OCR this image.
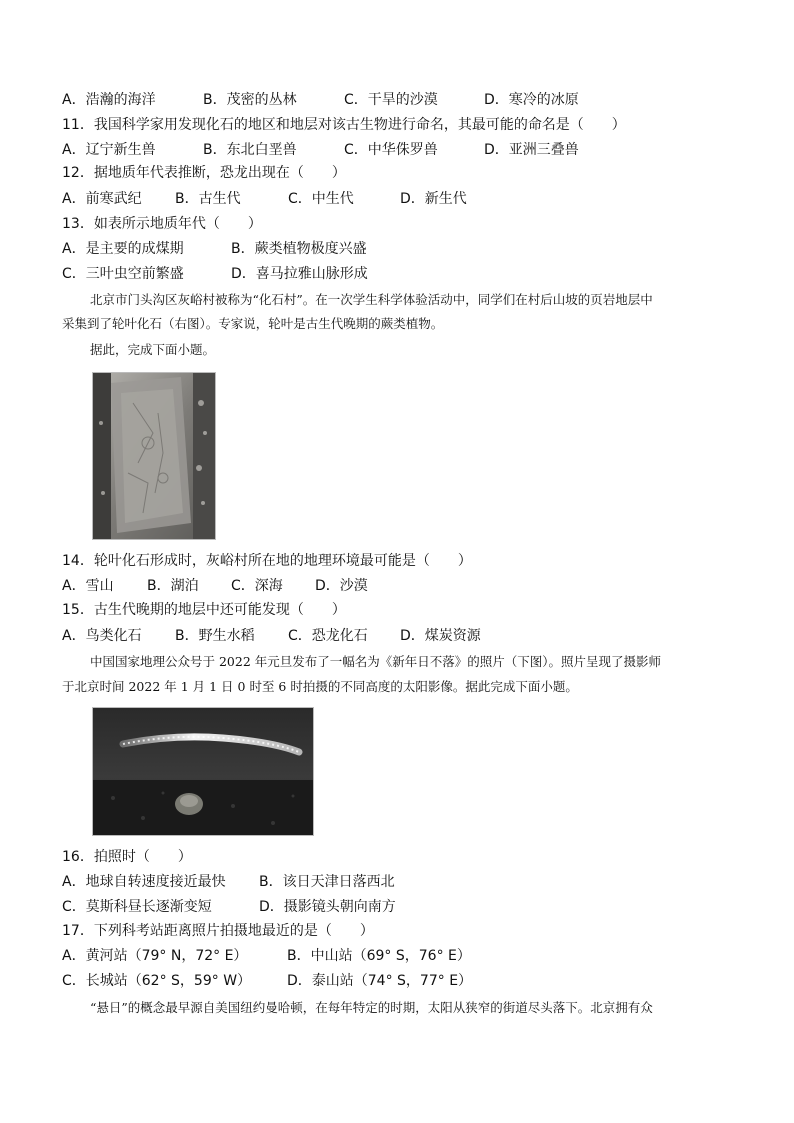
A．浩瀚的海洋	B．茂密的丛林	C．干旱的沙漠	D．寒冷的冰原
11．我国科学家用发现化石的地区和地层对该古生物进行命名，其最可能的命名是（　　）
A．辽宁新生兽	B．东北白垩兽	C．中华侏罗兽	D．亚洲三叠兽
12．据地质年代表推断，恐龙出现在（　　）
A．前寒武纪 B．古生代	C．中生代	D．新生代
13．如表所示地质年代（　　）
A．是主要的成煤期	B．蕨类植物极度兴盛
C．三叶虫空前繁盛	D．喜马拉雅山脉形成
北京市门头沟区灰峪村被称为“化石村”。在一次学生科学体验活动中，同学们在村后山坡的页岩地层中
采集到了轮叶化石（右图）。专家说，轮叶是古生代晚期的蕨类植物。
据此，完成下面小题。
14．轮叶化石形成时，灰峪村所在地的地理环境最可能是（　　）
A．雪山 B．湖泊 C．深海 D．沙漠
15．古生代晚期的地层中还可能发现（　　）
A．鸟类化石 B．野生水稻 C．恐龙化石 D．煤炭资源
中国国家地理公众号于 2022 年元旦发布了一幅名为《新年日不落》的照片（下图）。照片呈现了摄影师
于北京时间 2022 年 1 月 1 日 0 时至 6 时拍摄的不同高度的太阳影像。据此完成下面小题。
16．拍照时（　　）
A．地球自转速度接近最快 B．该日天津日落西北
C．莫斯科昼长逐渐变短	D．摄影镜头朝向南方
17．下列科考站距离照片拍摄地最近的是（　　）
A．黄河站（79° N，72° E）	B．中山站（69° S，76° E）
C．长城站（62° S，59° W）	D．泰山站（74° S，77° E）
“悬日”的概念最早源自美国纽约曼哈顿，在每年特定的时期，太阳从狭窄的街道尽头落下。北京拥有众
